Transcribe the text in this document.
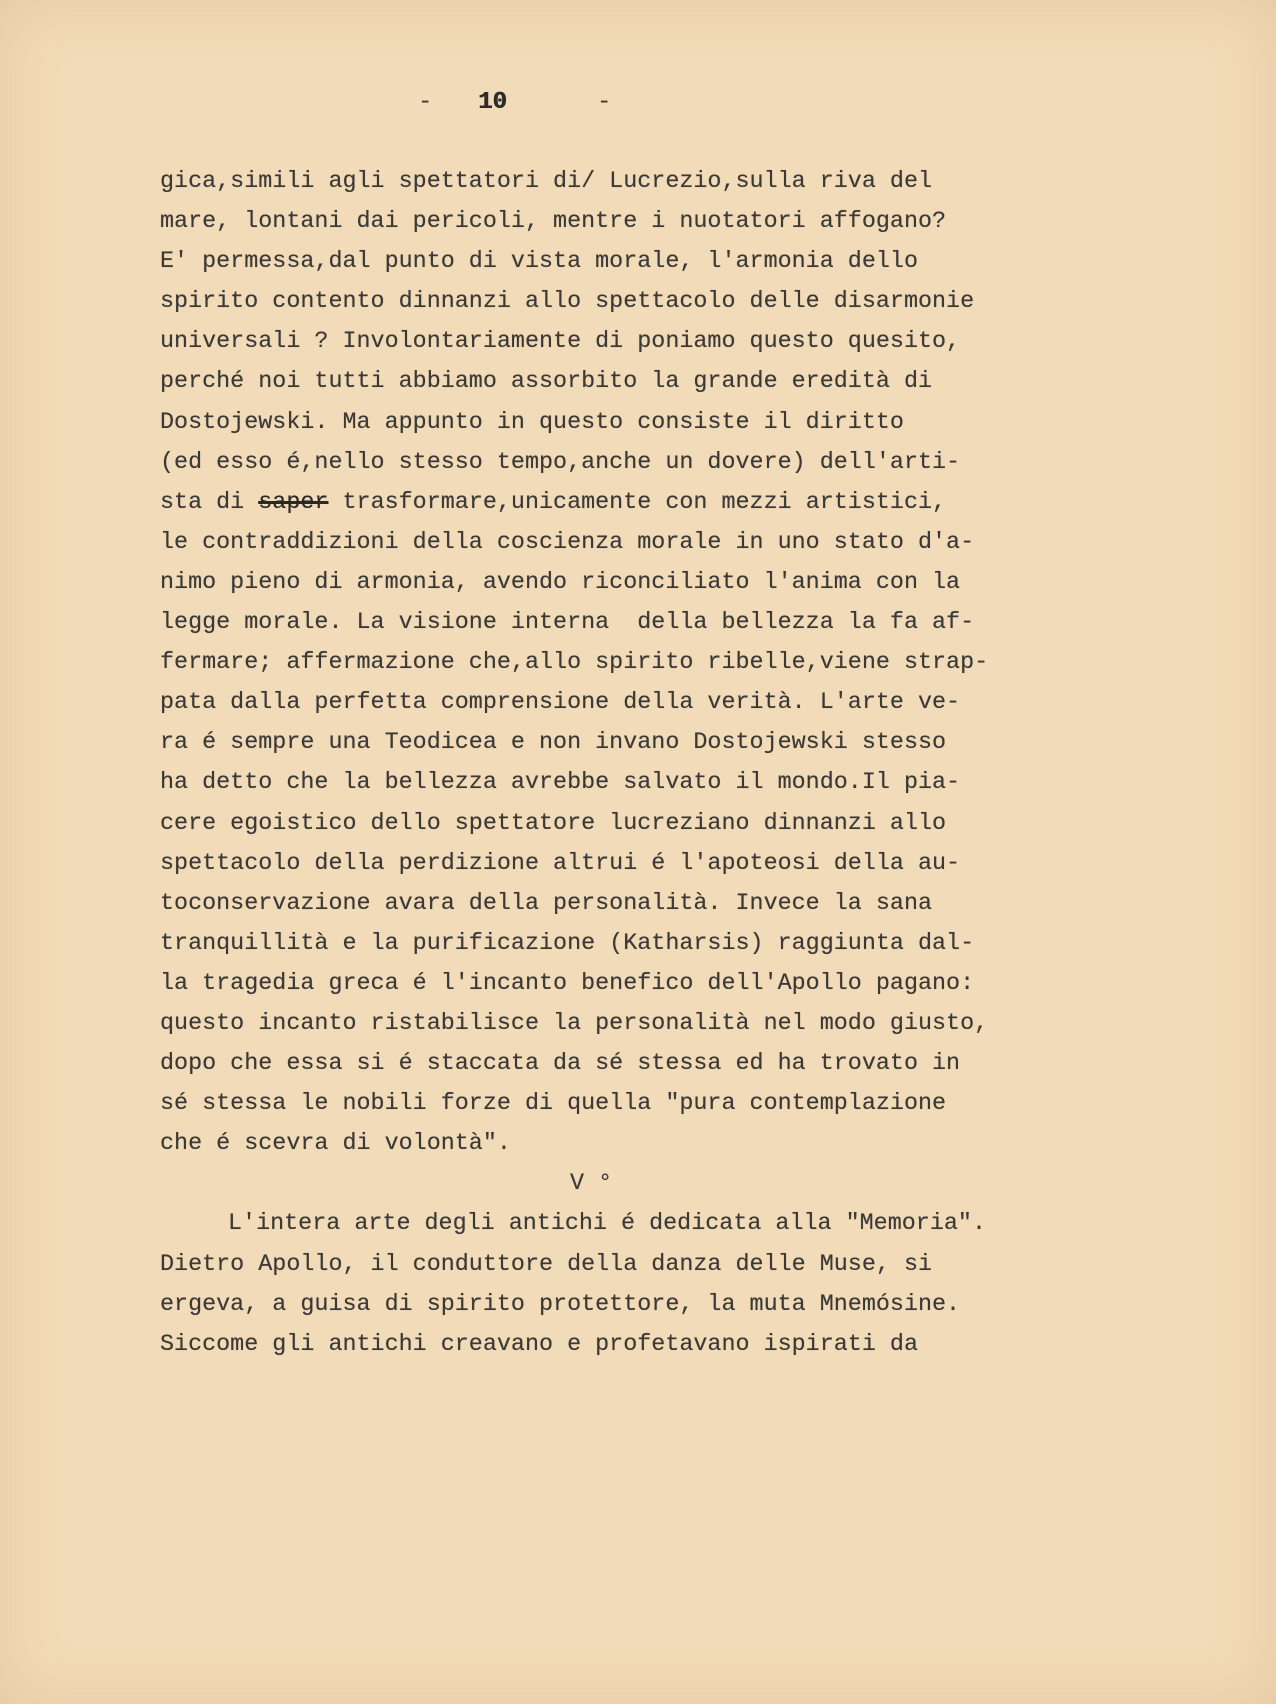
- 10	-
gica,simili agli spettatori di/ Lucrezio,sulla riva del
mare, lontani dai pericoli, mentre i nuotatori affogano?
E' permessa,dal punto di vista morale, l'armonia dello
spirito contento dinnanzi allo spettacolo delle disarmonie
universali ? Involontariamente di poniamo questo quesito,
perché noi tutti abbiamo assorbito la grande eredità di
Dostojewski. Ma appunto in questo consiste il diritto
(ed esso é,nello stesso tempo,anche un dovere) dell'arti-
sta di saper trasformare,unicamente con mezzi artistici,
le contraddizioni della coscienza morale in uno stato d'a-
nimo pieno di armonia, avendo riconciliato l'anima con la
legge morale. La visione interna  della bellezza la fa af-
fermare; affermazione che,allo spirito ribelle,viene strap-
pata dalla perfetta comprensione della verità. L'arte ve-
ra é sempre una Teodicea e non invano Dostojewski stesso
ha detto che la bellezza avrebbe salvato il mondo.Il pia-
cere egoistico dello spettatore lucreziano dinnanzi allo
spettacolo della perdizione altrui é l'apoteosi della au-
toconservazione avara della personalità. Invece la sana
tranquillità e la purificazione (Katharsis) raggiunta dal-
la tragedia greca é l'incanto benefico dell'Apollo pagano:
questo incanto ristabilisce la personalità nel modo giusto,
dopo che essa si é staccata da sé stessa ed ha trovato in
sé stessa le nobili forze di quella "pura contemplazione
che é scevra di volontà".
V °
L'intera arte degli antichi é dedicata alla "Memoria".
Dietro Apollo, il conduttore della danza delle Muse, si
ergeva, a guisa di spirito protettore, la muta Mnemósine.
Siccome gli antichi creavano e profetavano ispirati da
